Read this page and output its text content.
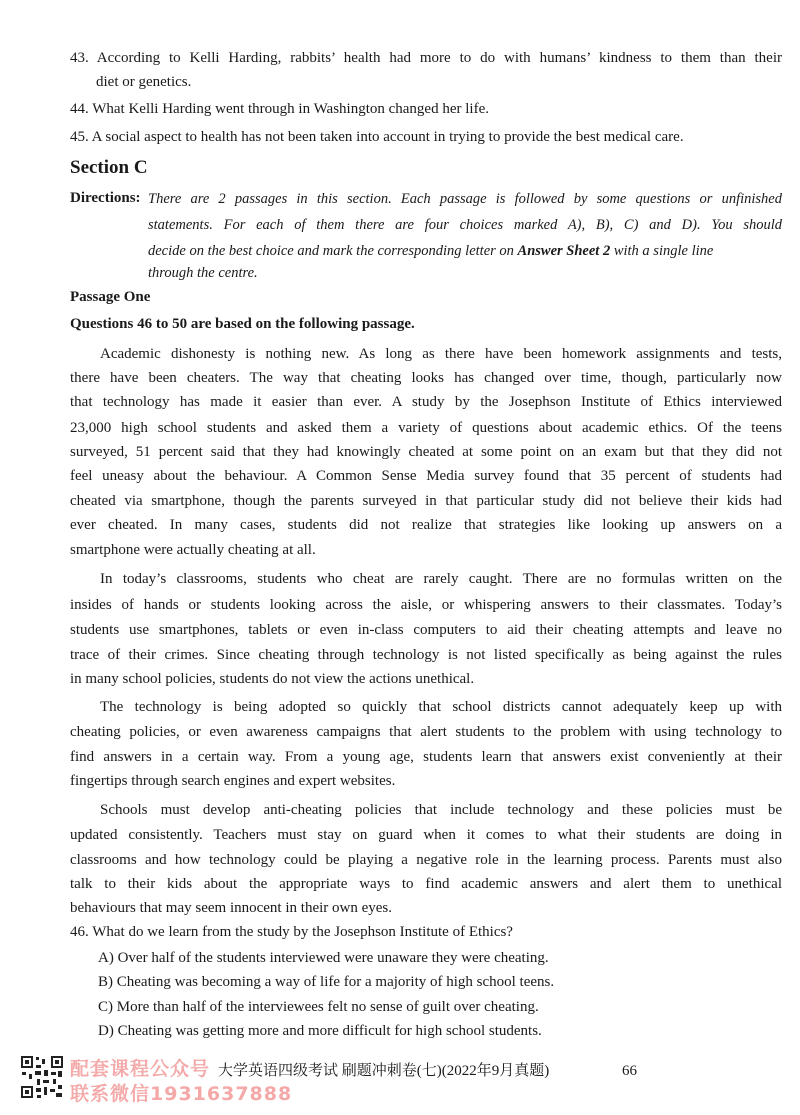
43. According to Kelli Harding, rabbits’ health had more to do with humans’ kindness to them than their
diet or genetics.
44. What Kelli Harding went through in Washington changed her life.
45. A social aspect to health has not been taken into account in trying to provide the best medical care.
Section C
Directions: There are 2 passages in this section. Each passage is followed by some questions or unfinished
statements. For each of them there are four choices marked A), B), C) and D). You should
decide on the best choice and mark the corresponding letter on Answer Sheet 2 with a single line
through the centre.
Passage One
Questions 46 to 50 are based on the following passage.
Academic dishonesty is nothing new. As long as there have been homework assignments and tests,
there have been cheaters. The way that cheating looks has changed over time, though, particularly now
that technology has made it easier than ever. A study by the Josephson Institute of Ethics interviewed
23,000 high school students and asked them a variety of questions about academic ethics. Of the teens
surveyed, 51 percent said that they had knowingly cheated at some point on an exam but that they did not
feel uneasy about the behaviour. A Common Sense Media survey found that 35 percent of students had
cheated via smartphone, though the parents surveyed in that particular study did not believe their kids had
ever cheated. In many cases, students did not realize that strategies like looking up answers on a
smartphone were actually cheating at all.
In today’s classrooms, students who cheat are rarely caught. There are no formulas written on the
insides of hands or students looking across the aisle, or whispering answers to their classmates. Today’s
students use smartphones, tablets or even in-class computers to aid their cheating attempts and leave no
trace of their crimes. Since cheating through technology is not listed specifically as being against the rules
in many school policies, students do not view the actions unethical.
The technology is being adopted so quickly that school districts cannot adequately keep up with
cheating policies, or even awareness campaigns that alert students to the problem with using technology to
find answers in a certain way. From a young age, students learn that answers exist conveniently at their
fingertips through search engines and expert websites.
Schools must develop anti-cheating policies that include technology and these policies must be
updated consistently. Teachers must stay on guard when it comes to what their students are doing in
classrooms and how technology could be playing a negative role in the learning process. Parents must also
talk to their kids about the appropriate ways to find academic answers and alert them to unethical
behaviours that may seem innocent in their own eyes.
46. What do we learn from the study by the Josephson Institute of Ethics?
A) Over half of the students interviewed were unaware they were cheating.
B) Cheating was becoming a way of life for a majority of high school teens.
C) More than half of the interviewees felt no sense of guilt over cheating.
D) Cheating was getting more and more difficult for high school students.
配套课程公众号
联系微信1931637888
大学英语四级考试 刷题冲刺卷(七)(2022年9月真题)	66
